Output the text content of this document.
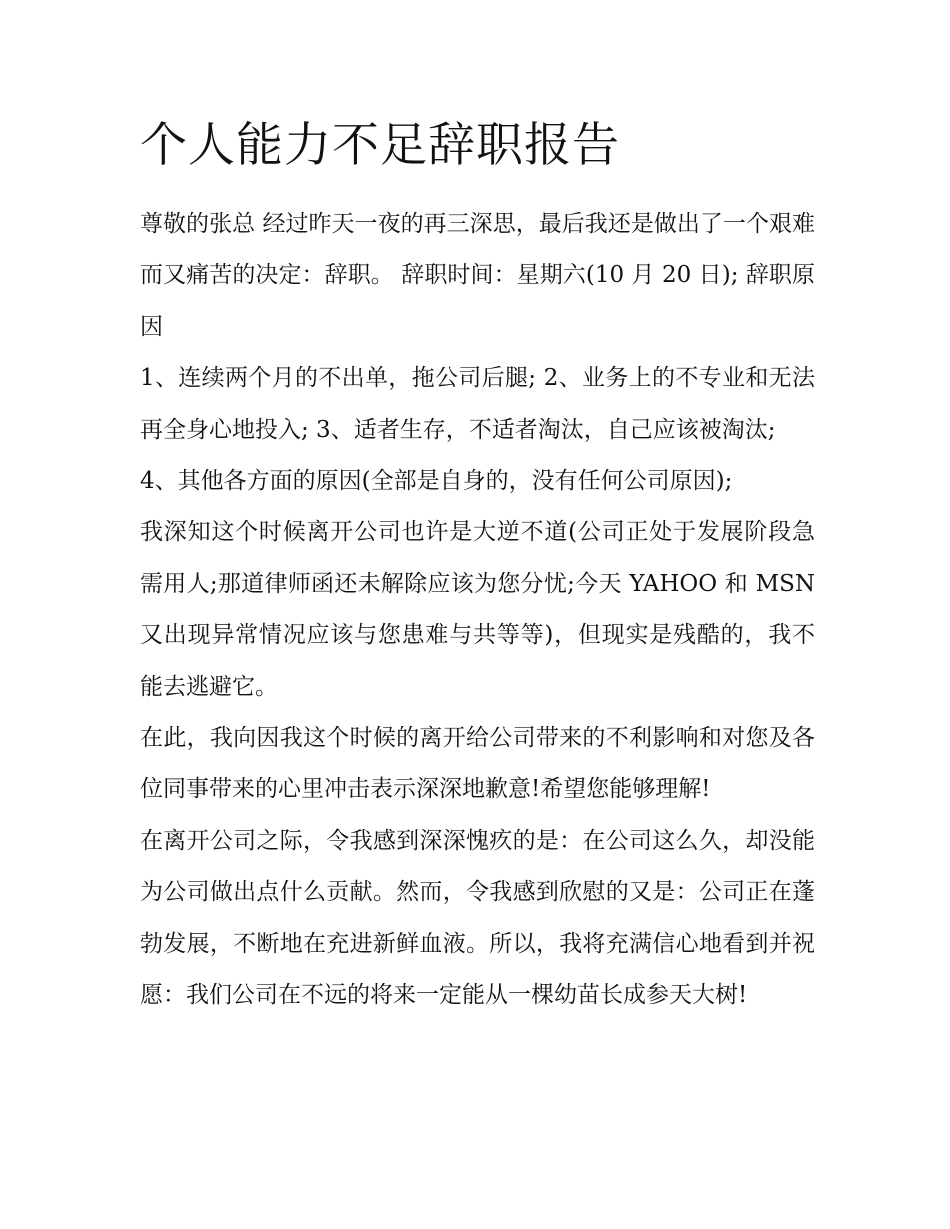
个人能力不足辞职报告

尊敬的张总 经过昨天一夜的再三深思，最后我还是做出了一个艰难而又痛苦的决定：辞职。 辞职时间：星期六(10 月 20 日); 辞职原因

1、连续两个月的不出单，拖公司后腿; 2、业务上的不专业和无法再全身心地投入; 3、适者生存，不适者淘汰，自己应该被淘汰;

4、其他各方面的原因(全部是自身的，没有任何公司原因);

我深知这个时候离开公司也许是大逆不道(公司正处于发展阶段急需用人;那道律师函还未解除应该为您分忧;今天 YAHOO 和 MSN 又出现异常情况应该与您患难与共等等)，但现实是残酷的，我不能去逃避它。

在此，我向因我这个时候的离开给公司带来的不利影响和对您及各位同事带来的心里冲击表示深深地歉意!希望您能够理解!

在离开公司之际，令我感到深深愧疚的是：在公司这么久，却没能为公司做出点什么贡献。然而，令我感到欣慰的又是：公司正在蓬勃发展，不断地在充进新鲜血液。所以，我将充满信心地看到并祝愿：我们公司在不远的将来一定能从一棵幼苗长成参天大树!
